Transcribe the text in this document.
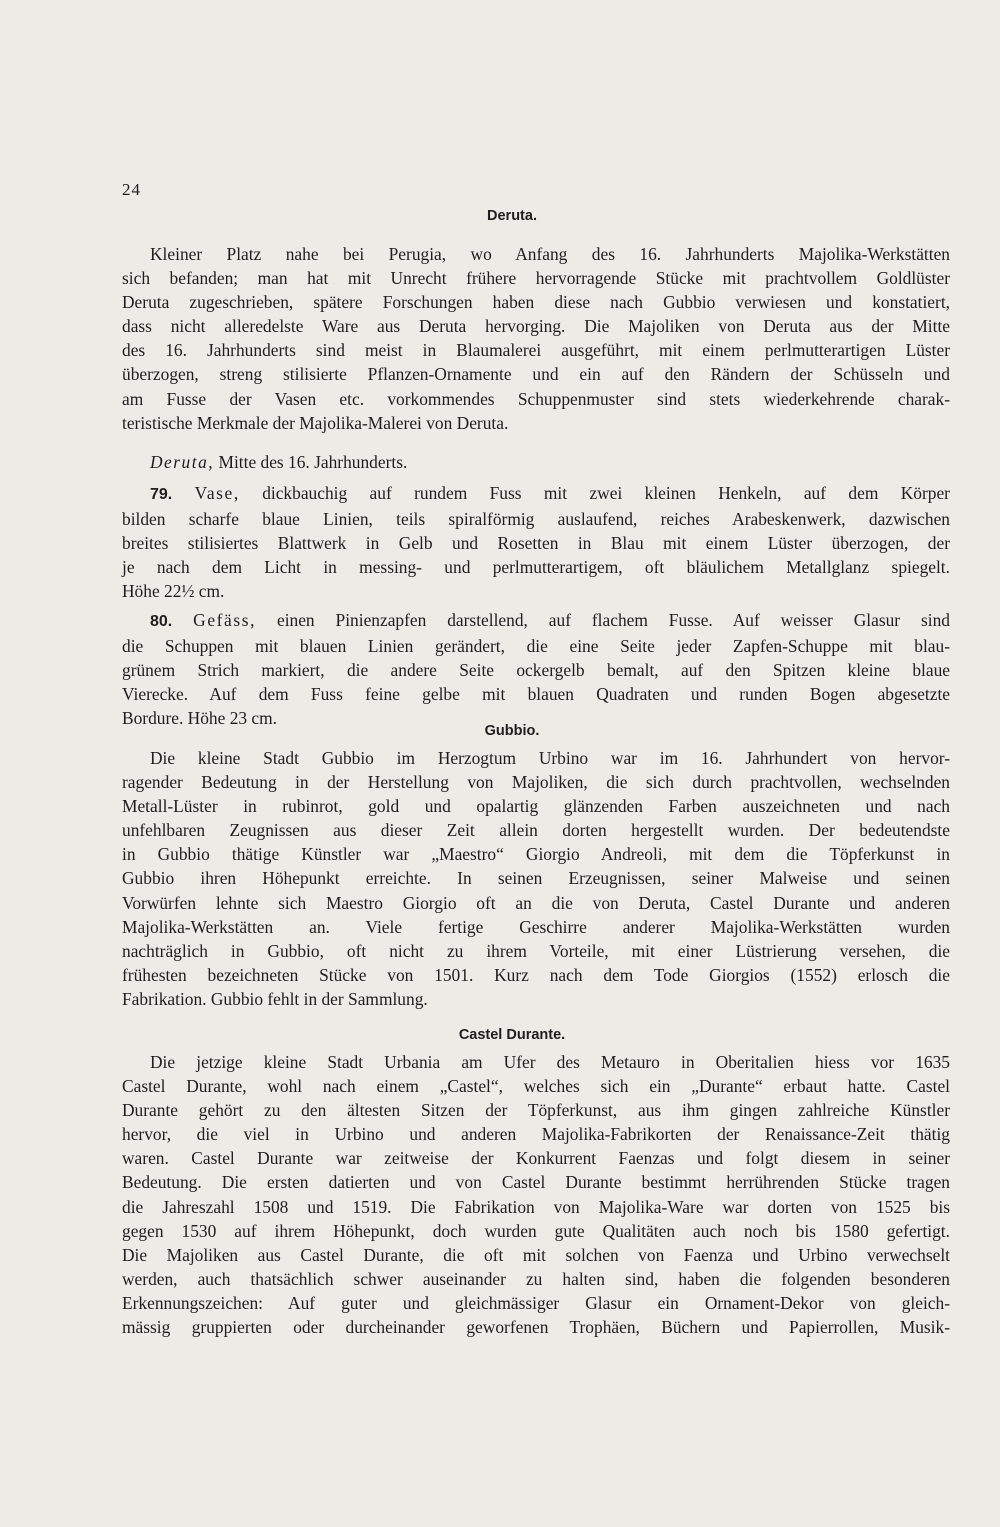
24
Deruta.
Kleiner Platz nahe bei Perugia, wo Anfang des 16. Jahrhunderts Majolika-Werkstätten
sich befanden; man hat mit Unrecht frühere hervorragende Stücke mit prachtvollem Goldlüster
Deruta zugeschrieben, spätere Forschungen haben diese nach Gubbio verwiesen und konstatiert,
dass nicht alleredelste Ware aus Deruta hervorging. Die Majoliken von Deruta aus der Mitte
des 16. Jahrhunderts sind meist in Blaumalerei ausgeführt, mit einem perlmutterartigen Lüster
überzogen, streng stilisierte Pflanzen-Ornamente und ein auf den Rändern der Schüsseln und
am Fusse der Vasen etc. vorkommendes Schuppenmuster sind stets wiederkehrende charak-
teristische Merkmale der Majolika-Malerei von Deruta.
Deruta, Mitte des 16. Jahrhunderts.
79. Vase, dickbauchig auf rundem Fuss mit zwei kleinen Henkeln, auf dem Körper
bilden scharfe blaue Linien, teils spiralförmig auslaufend, reiches Arabeskenwerk, dazwischen
breites stilisiertes Blattwerk in Gelb und Rosetten in Blau mit einem Lüster überzogen, der
je nach dem Licht in messing- und perlmutterartigem, oft bläulichem Metallglanz spiegelt.
Höhe 22½ cm.
80. Gefäss, einen Pinienzapfen darstellend, auf flachem Fusse. Auf weisser Glasur sind
die Schuppen mit blauen Linien gerändert, die eine Seite jeder Zapfen-Schuppe mit blau-
grünem Strich markiert, die andere Seite ockergelb bemalt, auf den Spitzen kleine blaue
Vierecke. Auf dem Fuss feine gelbe mit blauen Quadraten und runden Bogen abgesetzte
Bordure. Höhe 23 cm.
Gubbio.
Die kleine Stadt Gubbio im Herzogtum Urbino war im 16. Jahrhundert von hervor-
ragender Bedeutung in der Herstellung von Majoliken, die sich durch prachtvollen, wechselnden
Metall-Lüster in rubinrot, gold und opalartig glänzenden Farben auszeichneten und nach
unfehlbaren Zeugnissen aus dieser Zeit allein dorten hergestellt wurden. Der bedeutendste
in Gubbio thätige Künstler war „Maestro“ Giorgio Andreoli, mit dem die Töpferkunst in
Gubbio ihren Höhepunkt erreichte. In seinen Erzeugnissen, seiner Malweise und seinen
Vorwürfen lehnte sich Maestro Giorgio oft an die von Deruta, Castel Durante und anderen
Majolika-Werkstätten an. Viele fertige Geschirre anderer Majolika-Werkstätten wurden
nachträglich in Gubbio, oft nicht zu ihrem Vorteile, mit einer Lüstrierung versehen, die
frühesten bezeichneten Stücke von 1501. Kurz nach dem Tode Giorgios (1552) erlosch die
Fabrikation. Gubbio fehlt in der Sammlung.
Castel Durante.
Die jetzige kleine Stadt Urbania am Ufer des Metauro in Oberitalien hiess vor 1635
Castel Durante, wohl nach einem „Castel“, welches sich ein „Durante“ erbaut hatte. Castel
Durante gehört zu den ältesten Sitzen der Töpferkunst, aus ihm gingen zahlreiche Künstler
hervor, die viel in Urbino und anderen Majolika-Fabrikorten der Renaissance-Zeit thätig
waren. Castel Durante war zeitweise der Konkurrent Faenzas und folgt diesem in seiner
Bedeutung. Die ersten datierten und von Castel Durante bestimmt herrührenden Stücke tragen
die Jahreszahl 1508 und 1519. Die Fabrikation von Majolika-Ware war dorten von 1525 bis
gegen 1530 auf ihrem Höhepunkt, doch wurden gute Qualitäten auch noch bis 1580 gefertigt.
Die Majoliken aus Castel Durante, die oft mit solchen von Faenza und Urbino verwechselt
werden, auch thatsächlich schwer auseinander zu halten sind, haben die folgenden besonderen
Erkennungszeichen: Auf guter und gleichmässiger Glasur ein Ornament-Dekor von gleich-
mässig gruppierten oder durcheinander geworfenen Trophäen, Büchern und Papierrollen, Musik-
